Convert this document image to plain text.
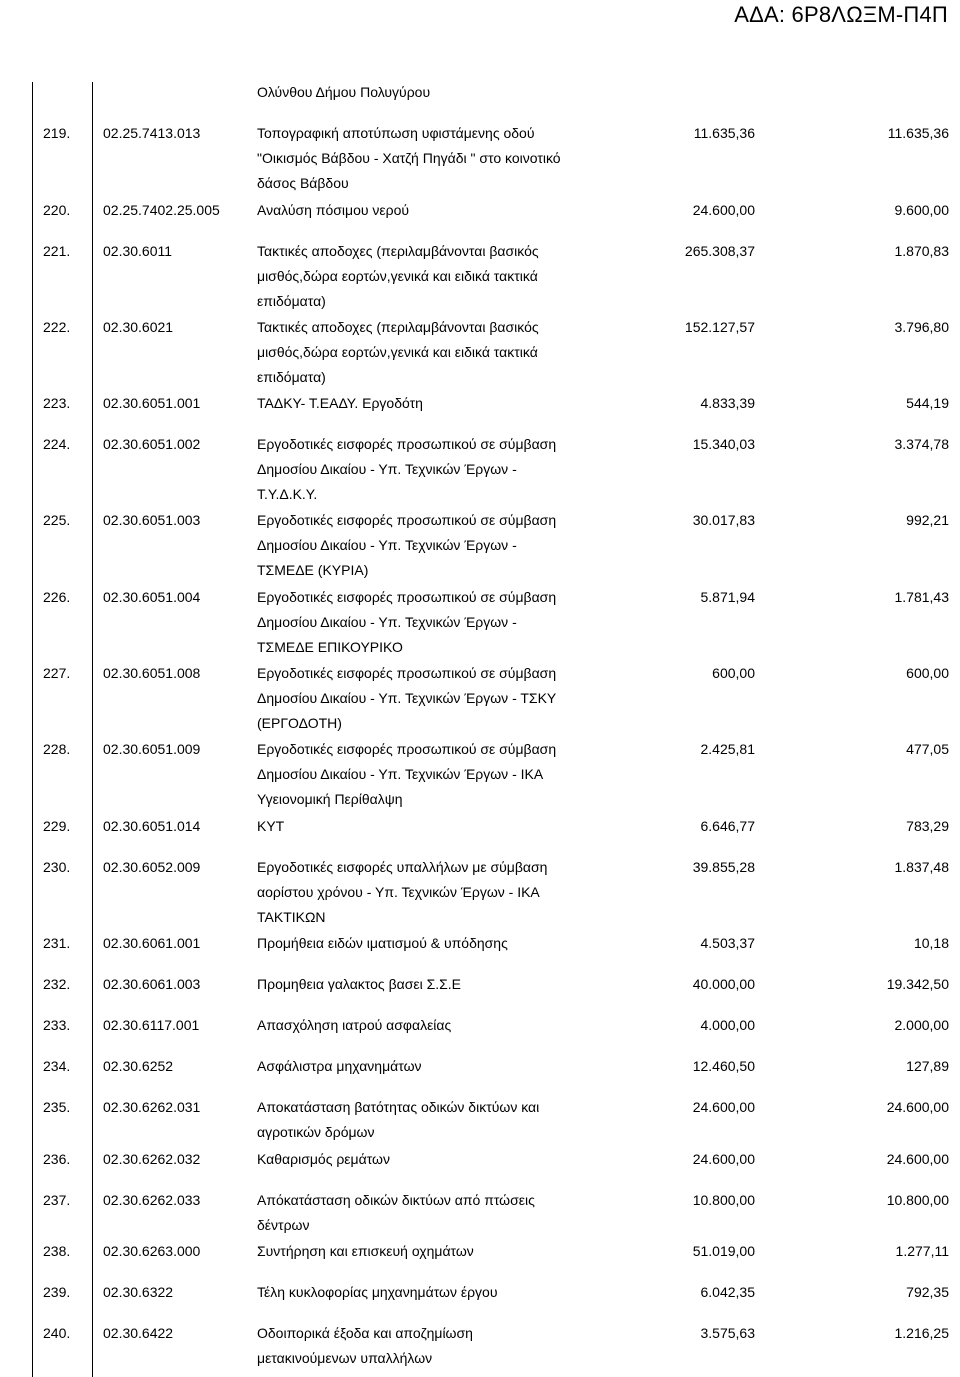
ΑΔΑ: 6Ρ8ΛΩΞΜ-Π4Π
Ολύνθου Δήμου Πολυγύρου
219. 02.25.7413.013	Τοπογραφική αποτύπωση υφιστάμενης οδού
"Οικισμός Βάβδου - Χατζή Πηγάδι " στο κοινοτικό
δάσος Βάβδου
11.635,36	11.635,36
220. 02.25.7402.25.005	Αναλύση πόσιμου νερού	24.600,00	9.600,00
221. 02.30.6011	Τακτικές αποδοχες (περιλαμβάνονται βασικός
μισθός,δώρα εορτών,γενικά και ειδικά τακτικά
επιδόματα)
265.308,37	1.870,83
222. 02.30.6021	Τακτικές αποδοχες (περιλαμβάνονται βασικός
μισθός,δώρα εορτών,γενικά και ειδικά τακτικά
επιδόματα)
152.127,57	3.796,80
223. 02.30.6051.001	ΤΑΔΚΥ- Τ.ΕΑΔΥ. Εργοδότη	4.833,39	544,19
224. 02.30.6051.002	Εργοδοτικές εισφορές προσωπικού σε σύμβαση
Δημοσίου Δικαίου - Υπ. Τεχνικών Έργων -
Τ.Υ.Δ.Κ.Υ.
15.340,03	3.374,78
225. 02.30.6051.003	Εργοδοτικές εισφορές προσωπικού σε σύμβαση
Δημοσίου Δικαίου - Υπ. Τεχνικών Έργων -
ΤΣΜΕΔΕ (ΚΥΡΙΑ)
30.017,83	992,21
226. 02.30.6051.004	Εργοδοτικές εισφορές προσωπικού σε σύμβαση
Δημοσίου Δικαίου - Υπ. Τεχνικών Έργων -
ΤΣΜΕΔΕ ΕΠΙΚΟΥΡΙΚΟ
5.871,94	1.781,43
227. 02.30.6051.008	Εργοδοτικές εισφορές προσωπικού σε σύμβαση
Δημοσίου Δικαίου - Υπ. Τεχνικών Έργων - ΤΣΚΥ
(ΕΡΓΟΔΟΤΗ)
600,00	600,00
228. 02.30.6051.009	Εργοδοτικές εισφορές προσωπικού σε σύμβαση
Δημοσίου Δικαίου - Υπ. Τεχνικών Έργων - ΙΚΑ
Υγειονομική Περίθαλψη
2.425,81	477,05
229. 02.30.6051.014	ΚΥΤ	6.646,77	783,29
230. 02.30.6052.009	Εργοδοτικές εισφορές υπαλλήλων με σύμβαση
αορίστου χρόνου - Υπ. Τεχνικών Έργων - ΙΚΑ
ΤΑΚΤΙΚΩΝ
39.855,28	1.837,48
231. 02.30.6061.001	Προμήθεια ειδών ιματισμού & υπόδησης	4.503,37	10,18
232. 02.30.6061.003	Προμηθεια γαλακτος βασει Σ.Σ.Ε	40.000,00	19.342,50
233. 02.30.6117.001	Απασχόληση ιατρού ασφαλείας	4.000,00	2.000,00
234. 02.30.6252	Ασφάλιστρα μηχανημάτων	12.460,50	127,89
235. 02.30.6262.031	Αποκατάσταση βατότητας οδικών δικτύων και
αγροτικών δρόμων
24.600,00	24.600,00
236. 02.30.6262.032	Καθαρισμός ρεμάτων	24.600,00	24.600,00
237. 02.30.6262.033	Απόκατάσταση οδικών δικτύων από πτώσεις
δέντρων
10.800,00	10.800,00
238. 02.30.6263.000	Συντήρηση και επισκευή οχημάτων	51.019,00	1.277,11
239. 02.30.6322	Τέλη κυκλοφορίας μηχανημάτων έργου	6.042,35	792,35
240. 02.30.6422	Οδοιπορικά έξοδα και αποζημίωση
μετακινούμενων υπαλλήλων
3.575,63	1.216,25
